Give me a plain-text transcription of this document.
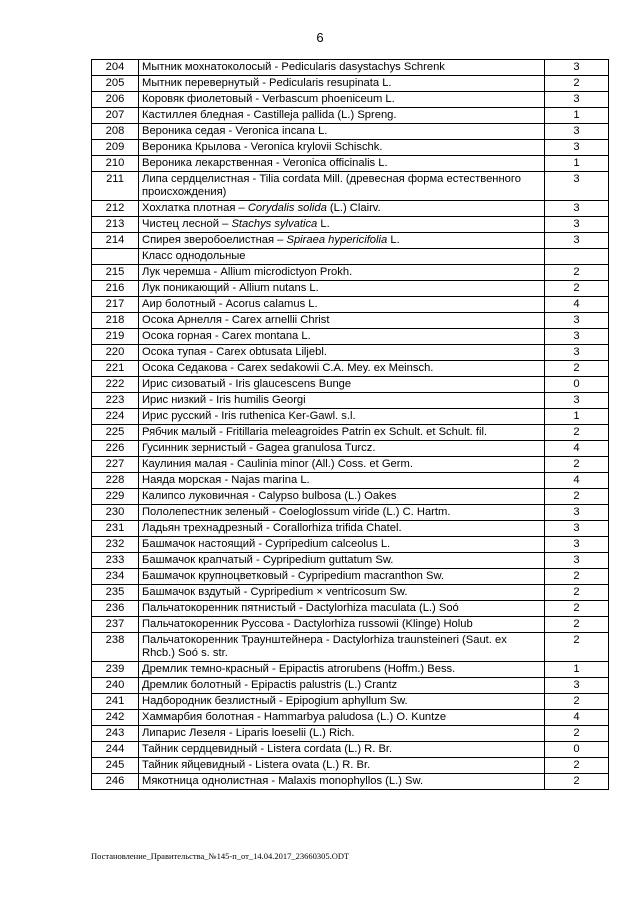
6
204	Мытник мохнатоколосый - Pedicularis dasystachys Schrenk	3
205	Мытник перевернутый - Pedicularis resupinata L.	2
206	Коровяк фиолетовый - Verbascum phoeniceum L.	3
207	Кастиллея бледная - Castilleja pallida (L.) Spreng.	1
208	Вероника седая - Veronica incana L.	3
209	Вероника Крылова - Veronica krylovii Schischk.	3
210	Вероника лекарственная - Veronica officinalis L.	1
211	Липа сердцелистная - Tilia cordata Mill. (древесная форма естественного происхождения)	3
212	Хохлатка плотная – Corydalis solida (L.) Clairv.	3
213	Чистец лесной – Stachys sylvatica L.	3
214	Спирея зверобоелистная – Spiraea hypericifolia L.	3
	Класс однодольные	
215	Лук черемша - Allium microdictyon Prokh.	2
216	Лук поникающий - Allium nutans L.	2
217	Аир болотный - Acorus calamus L.	4
218	Осока Арнелля - Carex arnellii Christ	3
219	Осока горная - Carex montana L.	3
220	Осока тупая - Carex obtusata Liljebl.	3
221	Осока Седакова - Carex sedakowii C.A. Mey. ex Meinsch.	2
222	Ирис сизоватый - Iris glaucescens Bunge	0
223	Ирис низкий - Iris humilis Georgi	3
224	Ирис русский - Iris ruthenica Ker-Gawl. s.l.	1
225	Рябчик малый - Fritillaria meleagroides Patrin ex Schult. et Schult. fil.	2
226	Гусинник зернистый - Gagea granulosa Turcz.	4
227	Каулиния малая - Caulinia minor (All.) Coss. et Germ.	2
228	Наяда морская - Najas marina L.	4
229	Калипсо луковичная - Calypso bulbosa (L.) Oakes	2
230	Пололепестник зеленый - Coeloglossum viride (L.) C. Hartm.	3
231	Ладьян трехнадрезный - Corallorhiza trifida Chatel.	3
232	Башмачок настоящий - Cypripedium calceolus L.	3
233	Башмачок крапчатый - Cypripedium guttatum Sw.	3
234	Башмачок крупноцветковый - Cypripedium macranthon Sw.	2
235	Башмачок вздутый - Cypripedium × ventricosum Sw.	2
236	Пальчатокоренник пятнистый - Dactylorhiza maculata (L.) Soó	2
237	Пальчатокоренник Руссова - Dactylorhiza russowii (Klinge) Holub	2
238	Пальчатокоренник Траунштейнера - Dactylorhiza traunsteineri (Saut. ex Rhcb.) Soó s. str.	2
239	Дремлик темно-красный - Epipactis atrorubens (Hoffm.) Bess.	1
240	Дремлик болотный - Epipactis palustris (L.) Crantz	3
241	Надбородник безлистный - Epipogium aphyllum Sw.	2
242	Хаммарбия болотная - Hammarbya paludosa (L.) O. Kuntze	4
243	Липарис Лезеля - Liparis loeselii (L.) Rich.	2
244	Тайник сердцевидный - Listera cordata (L.) R. Br.	0
245	Тайник яйцевидный - Listera ovata (L.) R. Br.	2
246	Мякотница однолистная - Malaxis monophyllos (L.) Sw.	2
Постановление_Правительства_№145-п_от_14.04.2017_23660305.ODT
